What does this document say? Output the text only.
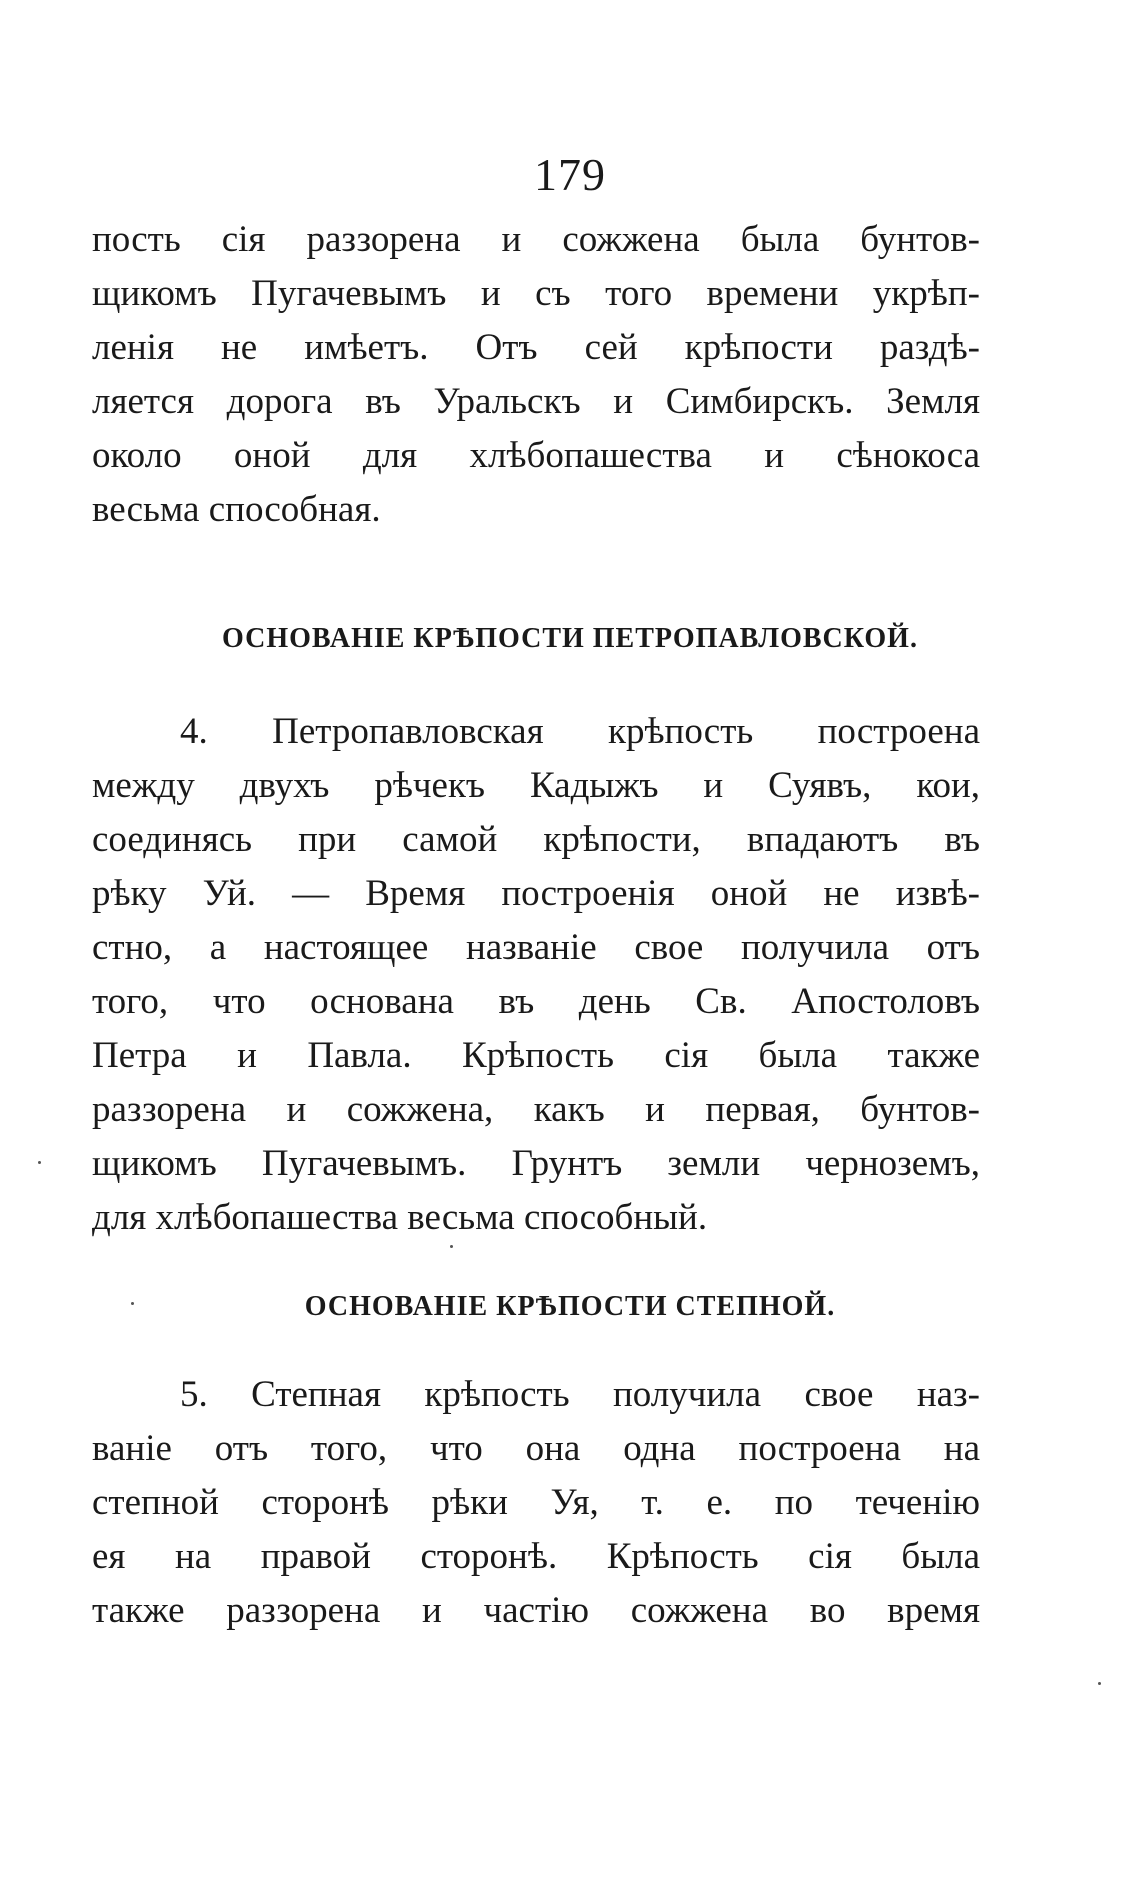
179
пость сія раззорена и сожжена была бунтов-
щикомъ Пугачевымъ и съ того времени укрѣп-
ленія не имѣетъ. Отъ сей крѣпости раздѣ-
ляется дорога въ Уральскъ и Симбирскъ. Земля
около оной для хлѣбопашества и сѣнокоса
весьма способная.
ОСНОВАНІЕ КРѢПОСТИ ПЕТРОПАВЛОВСКОЙ.
4. Петропавловская крѣпость построена
между двухъ рѣчекъ Кадыжъ и Суявъ, кои,
соединясь при самой крѣпости, впадаютъ въ
рѣку Уй. — Время построенія оной не извѣ-
стно, а настоящее названіе свое получила отъ
того, что основана въ день Св. Апостоловъ
Петра и Павла. Крѣпость сія была также
раззорена и сожжена, какъ и первая, бунтов-
щикомъ Пугачевымъ. Грунтъ земли черноземъ,
для хлѣбопашества весьма способный.
ОСНОВАНІЕ КРѢПОСТИ СТЕПНОЙ.
5. Степная крѣпость получила свое наз-
ваніе отъ того, что она одна построена на
степной сторонѣ рѣки Уя, т. е. по теченію
ея на правой сторонѣ. Крѣпость сія была
также раззорена и частію сожжена во время
